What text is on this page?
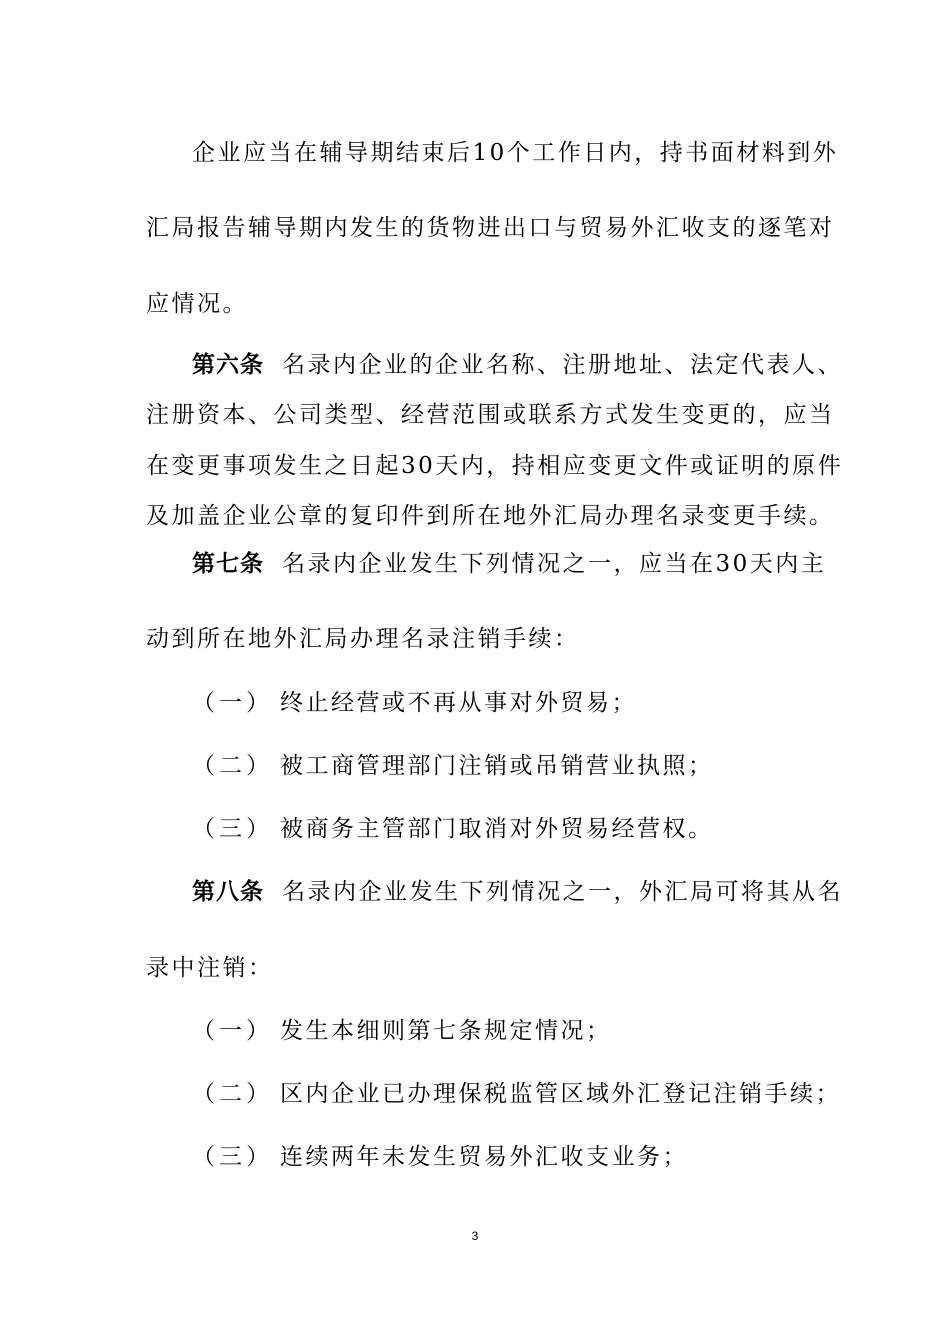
企业应当在辅导期结束后10个工作日内，持书面材料到外
汇局报告辅导期内发生的货物进出口与贸易外汇收支的逐笔对
应情况。
第六条 名录内企业的企业名称、注册地址、法定代表人、
注册资本、公司类型、经营范围或联系方式发生变更的，应当
在变更事项发生之日起30天内，持相应变更文件或证明的原件
及加盖企业公章的复印件到所在地外汇局办理名录变更手续。
第七条 名录内企业发生下列情况之一，应当在30天内主
动到所在地外汇局办理名录注销手续：
（一） 终止经营或不再从事对外贸易；
（二） 被工商管理部门注销或吊销营业执照；
（三） 被商务主管部门取消对外贸易经营权。
第八条 名录内企业发生下列情况之一，外汇局可将其从名
录中注销：
（一） 发生本细则第七条规定情况；
（二） 区内企业已办理保税监管区域外汇登记注销手续；
（三） 连续两年未发生贸易外汇收支业务；
3
